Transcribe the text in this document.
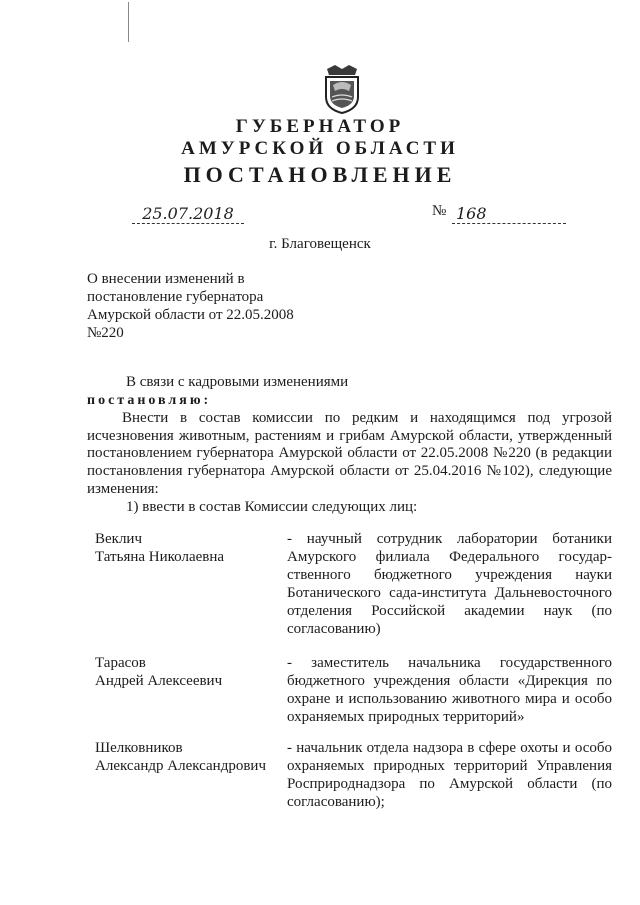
ГУБЕРНАТОР
АМУРСКОЙ ОБЛАСТИ
ПОСТАНОВЛЕНИЕ
25.07.2018	№ 168
г. Благовещенск
О внесении изменений в постановление губернатора Амурской области от 22.05.2008 №220
В связи с кадровыми изменениями
постановляю:
Внести в состав комиссии по редким и находящимся под угрозой исчезновения животным, растениям и грибам Амурской области, утвержденный постановлением губернатора Амурской области от 22.05.2008 №220 (в редакции постановления губернатора Амурской области от 25.04.2016 №102), следующие изменения:
1) ввести в состав Комиссии следующих лиц:
Веклич
Татьяна Николаевна
- научный сотрудник лаборатории ботаники Амурского филиала Федерального государ-ственного бюджетного учреждения науки Ботанического сада-института Дальневосточного отделения Российской академии наук (по согласованию)
Тарасов
Андрей Алексеевич
- заместитель начальника государственного бюджетного учреждения области «Дирекция по охране и использованию животного мира и особо охраняемых природных территорий»
Шелковников
Александр Александрович
- начальник отдела надзора в сфере охоты и особо охраняемых природных территорий Управления Росприроднадзора по Амурской области (по согласованию);
